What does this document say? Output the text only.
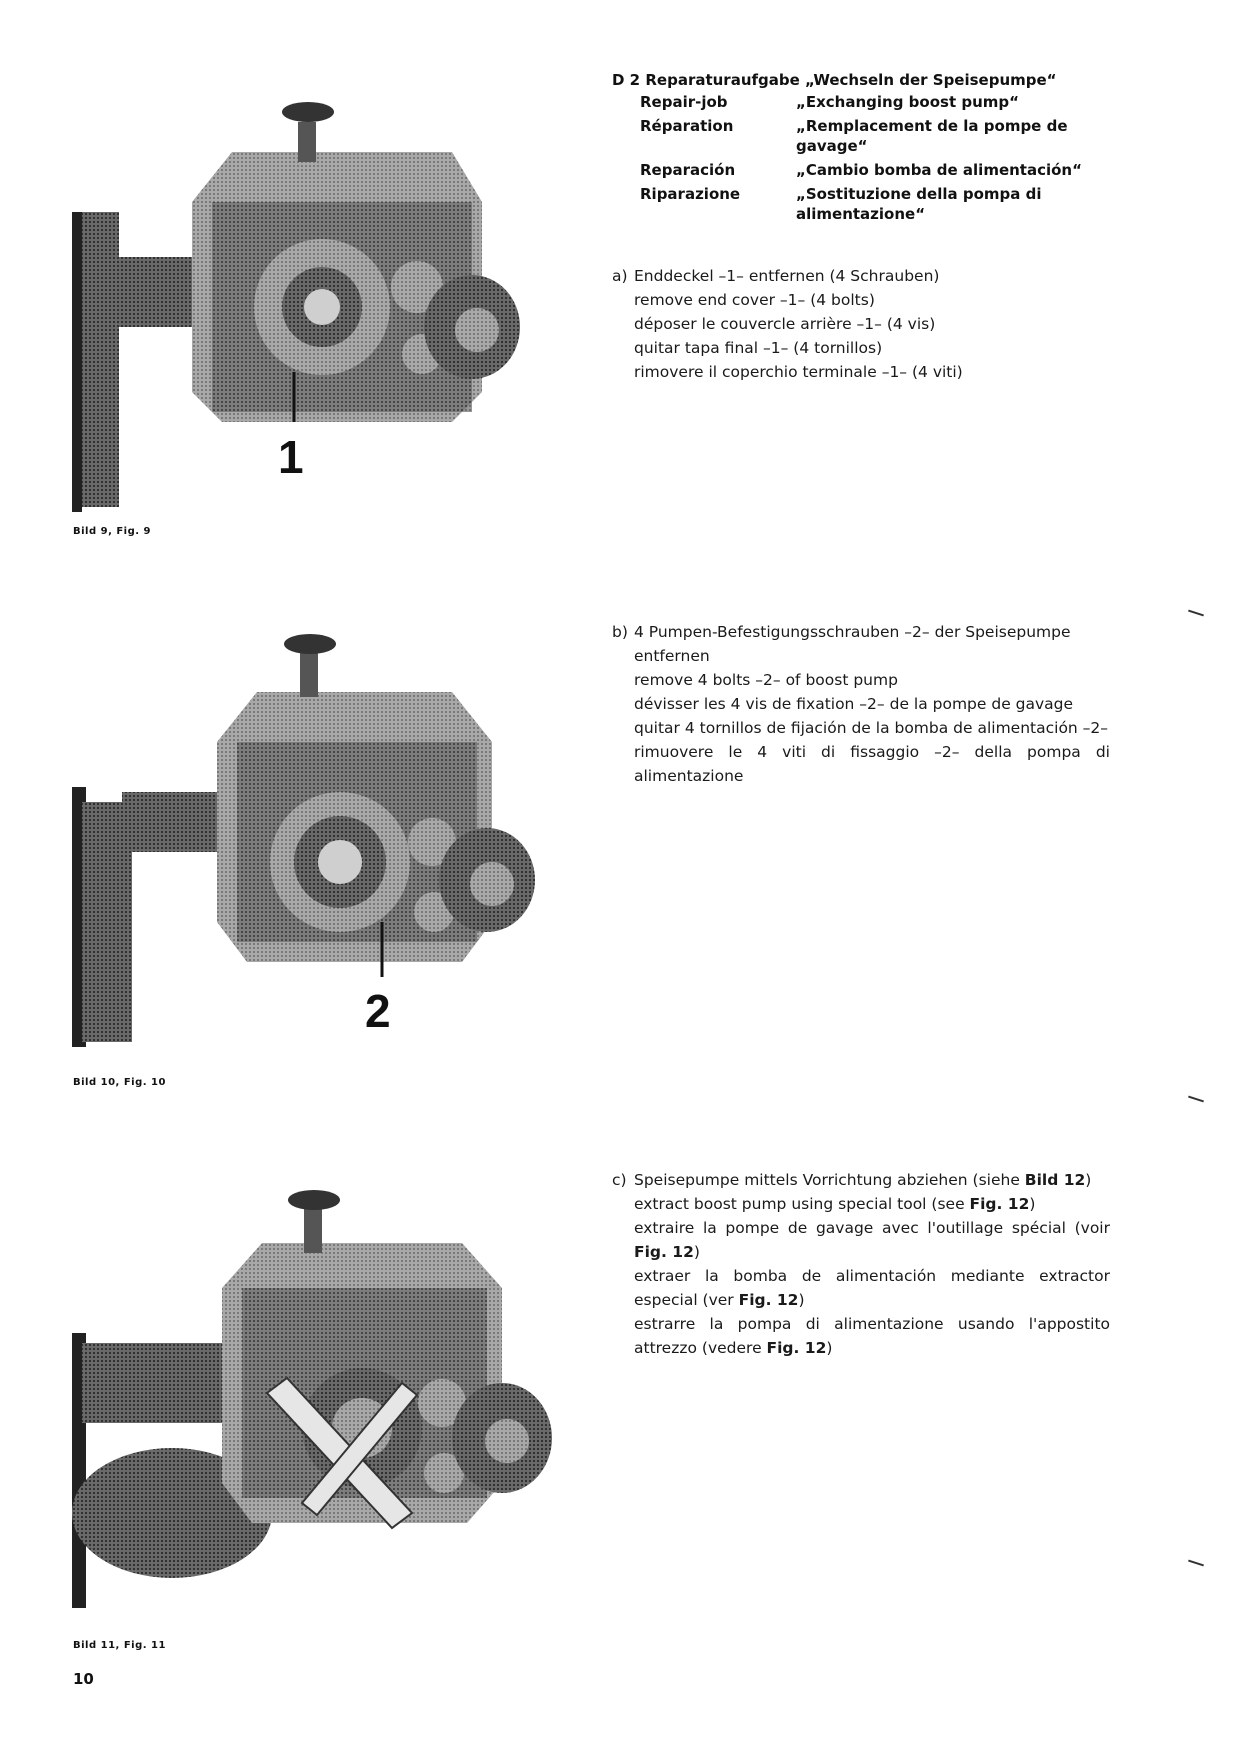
1
Bild 9, Fig. 9
2
Bild 10, Fig. 10
Bild 11, Fig. 11
D 2 Reparaturaufgabe „Wechseln der Speisepumpe“
Repair-job	„Exchanging boost pump“
Réparation	„Remplacement de la pompe de gavage“
Reparación	„Cambio bomba de alimentación“
Riparazione	„Sostituzione della pompa di alimentazione“
a) Enddeckel –1– entfernen (4 Schrauben)
remove end cover –1– (4 bolts)
déposer le couvercle arrière –1– (4 vis)
quitar tapa final –1– (4 tornillos)
rimovere il coperchio terminale –1– (4 viti)
b) 4 Pumpen-Befestigungsschrauben –2– der Speisepumpe entfernen
remove 4 bolts –2– of boost pump
dévisser les 4 vis de fixation –2– de la pompe de gavage
quitar 4 tornillos de fijación de la bomba de alimentación –2–
rimuovere le 4 viti di fissaggio –2– della pompa di alimentazione
c) Speisepumpe mittels Vorrichtung abziehen (siehe Bild 12)
extract boost pump using special tool (see Fig. 12)
extraire la pompe de gavage avec l'outillage spécial (voir Fig. 12)
extraer la bomba de alimentación mediante extractor especial (ver Fig. 12)
estrarre la pompa di alimentazione usando l'appostito attrezzo (vedere Fig. 12)
10
